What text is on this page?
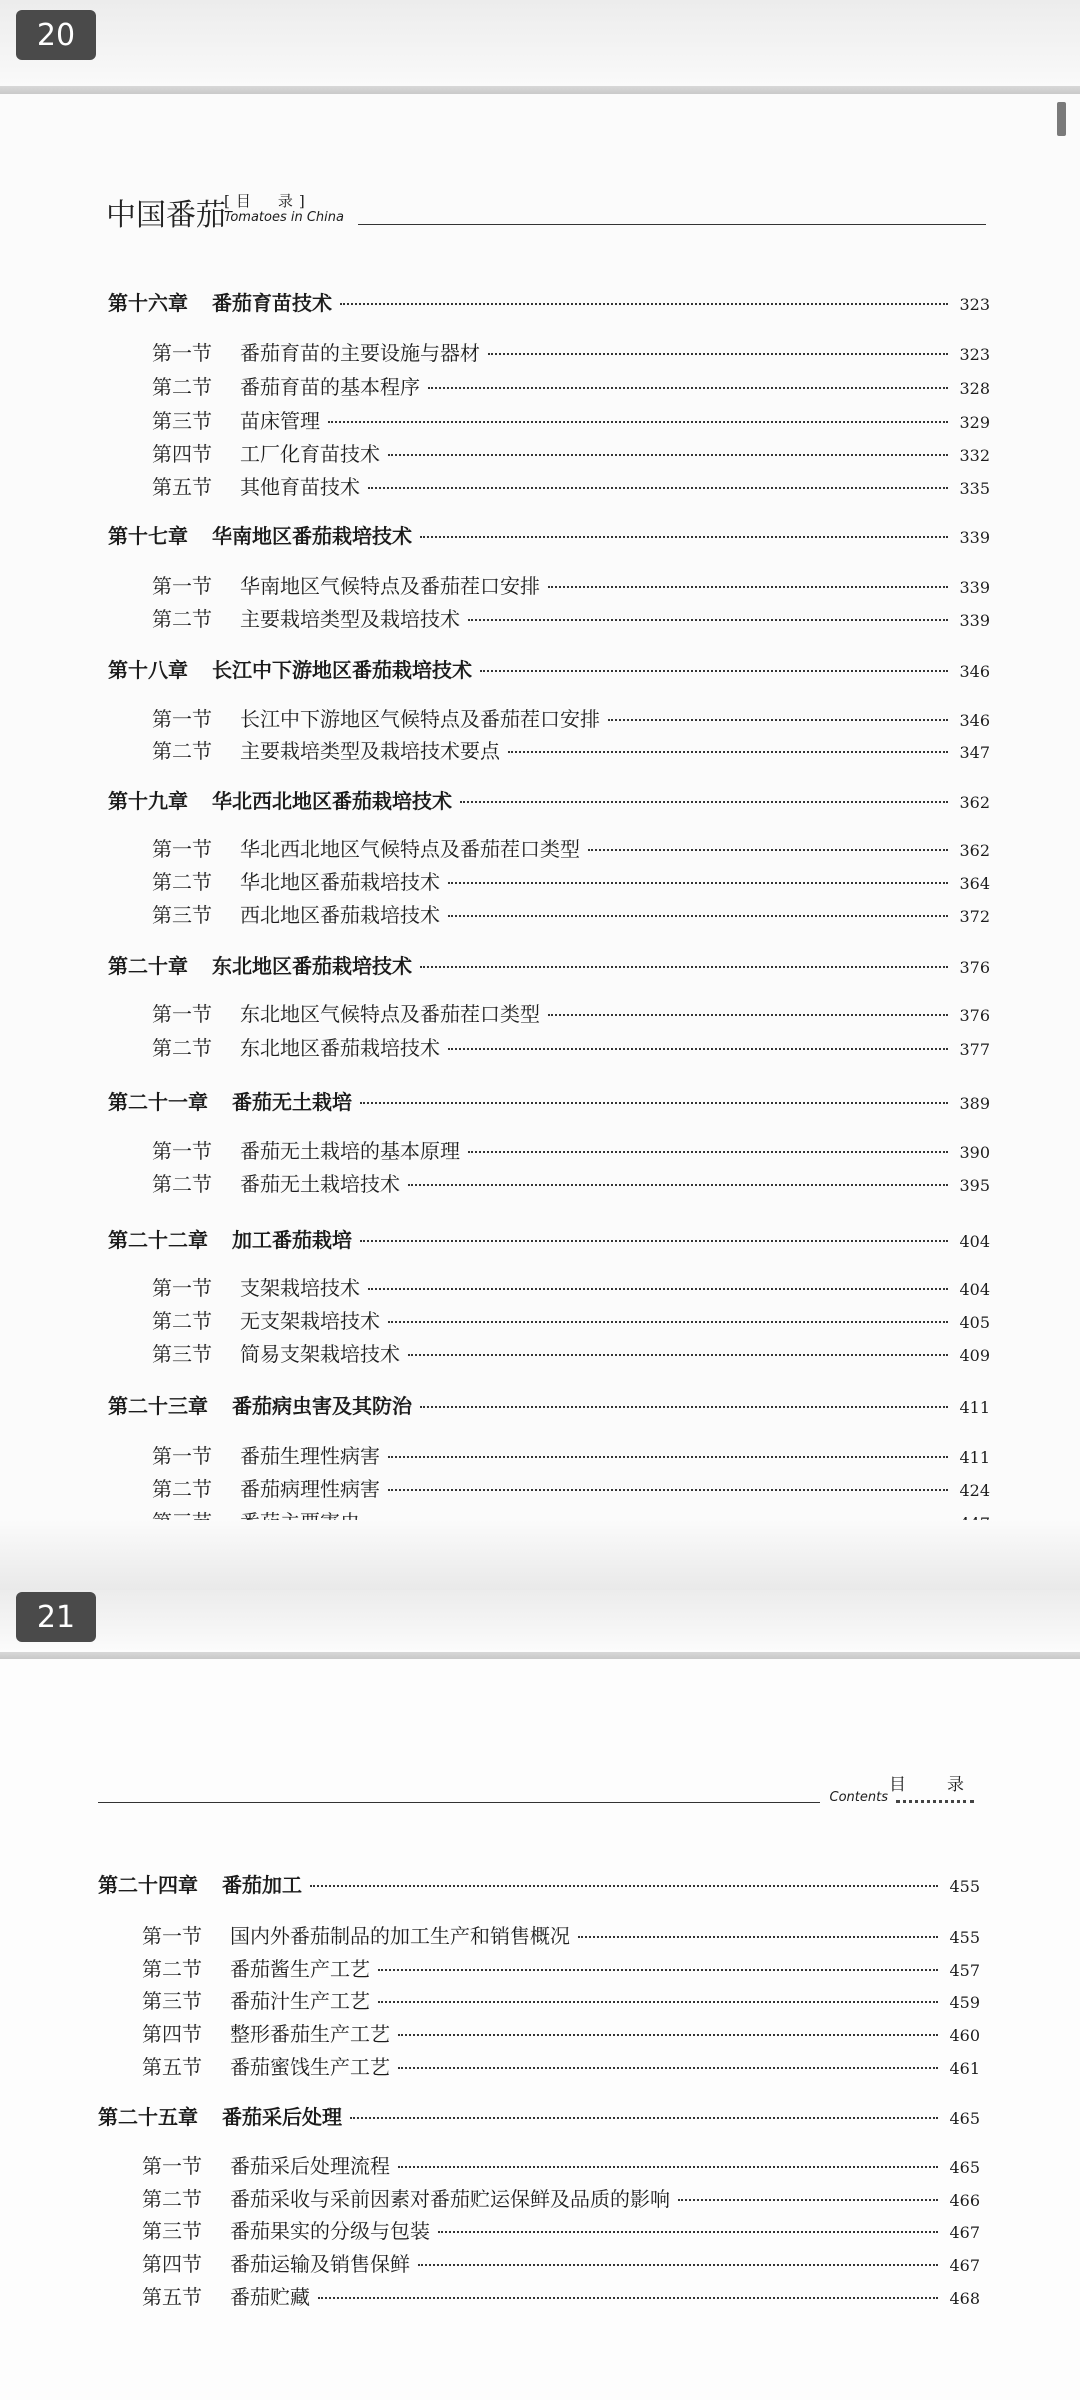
20
中国番茄
[目　录]
Tomatoes in China
第十六章 番茄育苗技术	323
第一节	番茄育苗的主要设施与器材	323
第二节	番茄育苗的基本程序	328
第三节	苗床管理	329
第四节	工厂化育苗技术	332
第五节	其他育苗技术	335
第十七章 华南地区番茄栽培技术	339
第一节	华南地区气候特点及番茄茬口安排	339
第二节	主要栽培类型及栽培技术	339
第十八章 长江中下游地区番茄栽培技术	346
第一节	长江中下游地区气候特点及番茄茬口安排	346
第二节	主要栽培类型及栽培技术要点	347
第十九章 华北西北地区番茄栽培技术	362
第一节	华北西北地区气候特点及番茄茬口类型	362
第二节	华北地区番茄栽培技术	364
第三节	西北地区番茄栽培技术	372
第二十章 东北地区番茄栽培技术	376
第一节	东北地区气候特点及番茄茬口类型	376
第二节	东北地区番茄栽培技术	377
第二十一章 番茄无土栽培	389
第一节	番茄无土栽培的基本原理	390
第二节	番茄无土栽培技术	395
第二十二章 加工番茄栽培	404
第一节	支架栽培技术	404
第二节	无支架栽培技术	405
第三节	简易支架栽培技术	409
第二十三章 番茄病虫害及其防治	411
第一节	番茄生理性病害	411
第二节	番茄病理性病害	424
21
Contents
目　录
第二十四章 番茄加工	455
第一节	国内外番茄制品的加工生产和销售概况	455
第二节	番茄酱生产工艺	457
第三节	番茄汁生产工艺	459
第四节	整形番茄生产工艺	460
第五节	番茄蜜饯生产工艺	461
第二十五章 番茄采后处理	465
第一节	番茄采后处理流程	465
第二节	番茄采收与采前因素对番茄贮运保鲜及品质的影响	466
第三节	番茄果实的分级与包装	467
第四节	番茄运输及销售保鲜	467
第五节	番茄贮藏	468
